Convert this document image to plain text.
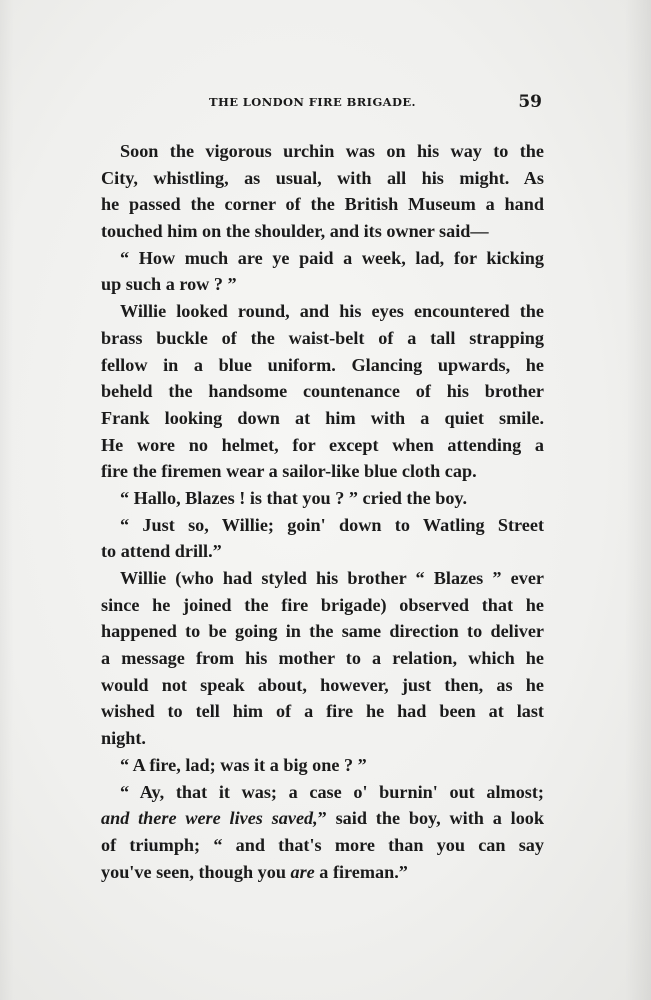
THE LONDON FIRE BRIGADE.	59
Soon the vigorous urchin was on his way to the
City, whistling, as usual, with all his might. As
he passed the corner of the British Museum a hand
touched him on the shoulder, and its owner said—
“ How much are ye paid a week, lad, for kicking
up such a row ? ”
Willie looked round, and his eyes encountered the
brass buckle of the waist-belt of a tall strapping
fellow in a blue uniform. Glancing upwards, he
beheld the handsome countenance of his brother
Frank looking down at him with a quiet smile.
He wore no helmet, for except when attending a
fire the firemen wear a sailor-like blue cloth cap.
“ Hallo, Blazes ! is that you ? ” cried the boy.
“ Just so, Willie; goin' down to Watling Street
to attend drill.”
Willie (who had styled his brother “ Blazes ” ever
since he joined the fire brigade) observed that he
happened to be going in the same direction to deliver
a message from his mother to a relation, which he
would not speak about, however, just then, as he
wished to tell him of a fire he had been at last
night.
“ A fire, lad; was it a big one ? ”
“ Ay, that it was; a case o' burnin' out almost;
and there were lives saved,” said the boy, with a look
of triumph; “ and that's more than you can say
you've seen, though you are a fireman.”
